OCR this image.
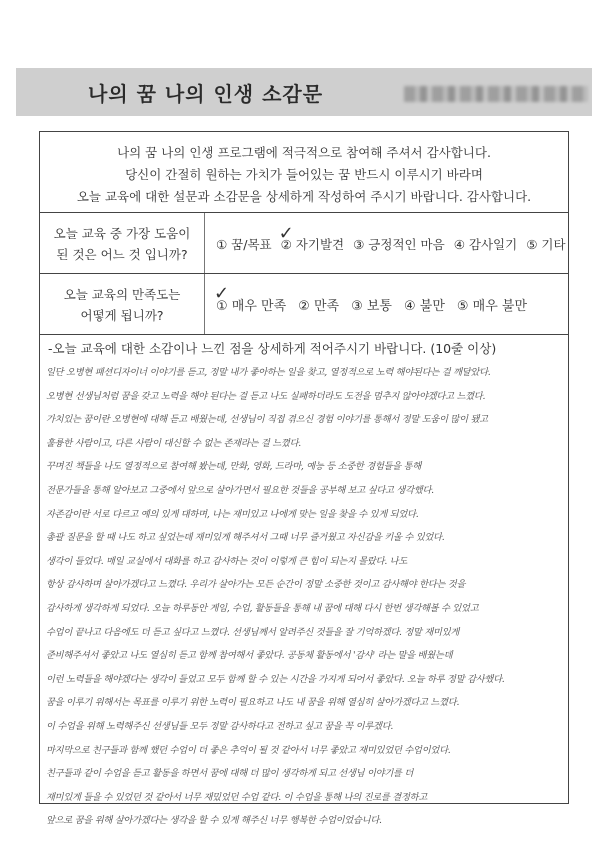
나의 꿈 나의 인생 소감문
나의 꿈 나의 인생 프로그램에 적극적으로 참여해 주셔서 감사합니다.
당신이 간절히 원하는 가치가 들어있는 꿈 반드시 이루시기 바라며
오늘 교육에 대한 설문과 소감문을 상세하게 작성하여 주시기 바랍니다. 감사합니다.
오늘 교육 중 가장 도움이
된 것은 어느 것 입니까?
① 꿈/목표
✓
② 자기발견 ③ 긍정적인 마음 ④ 감사일기 ⑤ 기타
오늘 교육의 만족도는
어떻게 됩니까?
✓
① 매우 만족 ② 만족 ③ 보통 ④ 불만 ⑤ 매우 불만
-오늘 교육에 대한 소감이나 느낀 점을 상세하게 적어주시기 바랍니다. (10줄 이상)
일단 오병현 패션디자이너 이야기를 듣고, 정말 내가 좋아하는 일을 찾고, 열정적으로 노력 해야된다는 걸 깨달았다.
오병현 선생님처럼 꿈을 갖고 노력을 해야 된다는 걸 듣고 나도 실패하더라도 도전을 멈추지 않아야겠다고 느꼈다.
가치있는 꿈이란 오병현에 대해 듣고 배웠는데, 선생님이 직접 겪으신 경험 이야기를 통해서 정말 도움이 많이 됐고
훌륭한 사람이고, 다른 사람이 대신할 수 없는 존재라는 걸 느꼈다.
꾸며진 책들을 나도 열정적으로 참여해 봤는데, 만화, 영화, 드라마, 예능 등 소중한 경험들을 통해
전문가들을 통해 알아보고 그중에서 앞으로 살아가면서 필요한 것들을 공부해 보고 싶다고 생각했다.
자존감이란 서로 다르고 예의 있게 대하며, 나는 재미있고 나에게 맞는 일을 찾을 수 있게 되었다.
총괄 질문을 할 때 나도 하고 싶었는데 재미있게 해주셔서 그때 너무 즐거웠고 자신감을 키울 수 있었다.
생각이 들었다. 매일 교실에서 대화를 하고 감사하는 것이 이렇게 큰 힘이 되는지 몰랐다. 나도
항상 감사하며 살아가겠다고 느꼈다. 우리가 살아가는 모든 순간이 정말 소중한 것이고 감사해야 한다는 것을
감사하게 생각하게 되었다. 오늘 하루동안 게임, 수업, 활동들을 통해 내 꿈에 대해 다시 한번 생각해볼 수 있었고
수업이 끝나고 다음에도 더 듣고 싶다고 느꼈다. 선생님께서 알려주신 것들을 잘 기억하겠다. 정말 재미있게
준비해주셔서 좋았고 나도 열심히 듣고 함께 참여해서 좋았다. 공동체 활동에서 '감사' 라는 말을 배웠는데
이런 노력들을 해야겠다는 생각이 들었고 모두 함께 할 수 있는 시간을 가지게 되어서 좋았다. 오늘 하루 정말 감사했다.
꿈을 이루기 위해서는 목표를 이루기 위한 노력이 필요하고 나도 내 꿈을 위해 열심히 살아가겠다고 느꼈다.
이 수업을 위해 노력해주신 선생님들 모두 정말 감사하다고 전하고 싶고 꿈을 꼭 이루겠다.
마지막으로 친구들과 함께 했던 수업이 더 좋은 추억이 될 것 같아서 너무 좋았고 재미있었던 수업이었다.
친구들과 같이 수업을 듣고 활동을 하면서 꿈에 대해 더 많이 생각하게 되고 선생님 이야기를 더
재미있게 들을 수 있었던 것 같아서 너무 재밌었던 수업 같다. 이 수업을 통해 나의 진로를 결정하고
앞으로 꿈을 위해 살아가겠다는 생각을 할 수 있게 해주신 너무 행복한 수업이었습니다.
